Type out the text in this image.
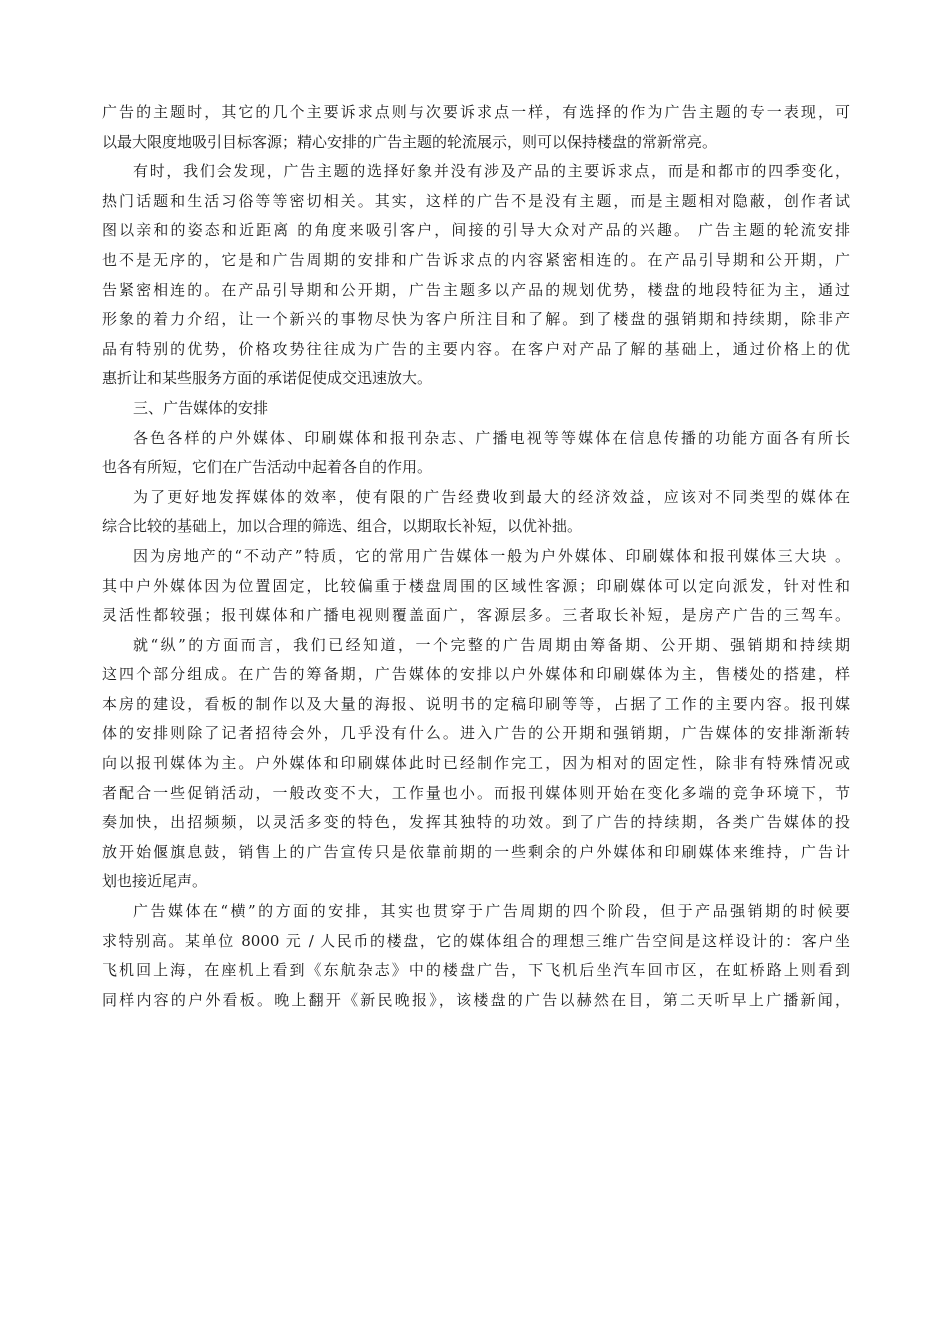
广告的主题时，其它的几个主要诉求点则与次要诉求点一样，有选择的作为广告主题的专一表现，可
以最大限度地吸引目标客源；精心安排的广告主题的轮流展示，则可以保持楼盘的常新常亮。
有时，我们会发现，广告主题的选择好象并没有涉及产品的主要诉求点，而是和都市的四季变化，
热门话题和生活习俗等等密切相关。其实，这样的广告不是没有主题，而是主题相对隐蔽，创作者试
图以亲和的姿态和近距离 的角度来吸引客户，间接的引导大众对产品的兴趣。 广告主题的轮流安排
也不是无序的，它是和广告周期的安排和广告诉求点的内容紧密相连的。在产品引导期和公开期，广
告紧密相连的。在产品引导期和公开期，广告主题多以产品的规划优势，楼盘的地段特征为主，通过
形象的着力介绍，让一个新兴的事物尽快为客户所注目和了解。到了楼盘的强销期和持续期，除非产
品有特别的优势，价格攻势往往成为广告的主要内容。在客户对产品了解的基础上，通过价格上的优
惠折让和某些服务方面的承诺促使成交迅速放大。
三、广告媒体的安排
各色各样的户外媒体、印刷媒体和报刊杂志、广播电视等等媒体在信息传播的功能方面各有所长
也各有所短，它们在广告活动中起着各自的作用。
为了更好地发挥媒体的效率，使有限的广告经费收到最大的经济效益，应该对不同类型的媒体在
综合比较的基础上，加以合理的筛选、组合，以期取长补短，以优补拙。
因为房地产的“不动产”特质，它的常用广告媒体一般为户外媒体、印刷媒体和报刊媒体三大块 。
其中户外媒体因为位置固定，比较偏重于楼盘周围的区域性客源；印刷媒体可以定向派发，针对性和
灵活性都较强；报刊媒体和广播电视则覆盖面广，客源层多。三者取长补短，是房产广告的三驾车。
就“纵”的方面而言，我们已经知道，一个完整的广告周期由筹备期、公开期、强销期和持续期
这四个部分组成。在广告的筹备期，广告媒体的安排以户外媒体和印刷媒体为主，售楼处的搭建，样
本房的建设，看板的制作以及大量的海报、说明书的定稿印刷等等，占据了工作的主要内容。报刊媒
体的安排则除了记者招待会外，几乎没有什么。进入广告的公开期和强销期，广告媒体的安排渐渐转
向以报刊媒体为主。户外媒体和印刷媒体此时已经制作完工，因为相对的固定性，除非有特殊情况或
者配合一些促销活动，一般改变不大，工作量也小。而报刊媒体则开始在变化多端的竞争环境下，节
奏加快，出招频频，以灵活多变的特色，发挥其独特的功效。到了广告的持续期，各类广告媒体的投
放开始偃旗息鼓，销售上的广告宣传只是依靠前期的一些剩余的户外媒体和印刷媒体来维持，广告计
划也接近尾声。
广告媒体在“横”的方面的安排，其实也贯穿于广告周期的四个阶段，但于产品强销期的时候要
求特别高。某单位 8000 元 / 人民币的楼盘，它的媒体组合的理想三维广告空间是这样设计的：客户坐
飞机回上海，在座机上看到《东航杂志》中的楼盘广告，下飞机后坐汽车回市区，在虹桥路上则看到
同样内容的户外看板。晚上翻开《新民晚报》，该楼盘的广告以赫然在目，第二天听早上广播新闻，
